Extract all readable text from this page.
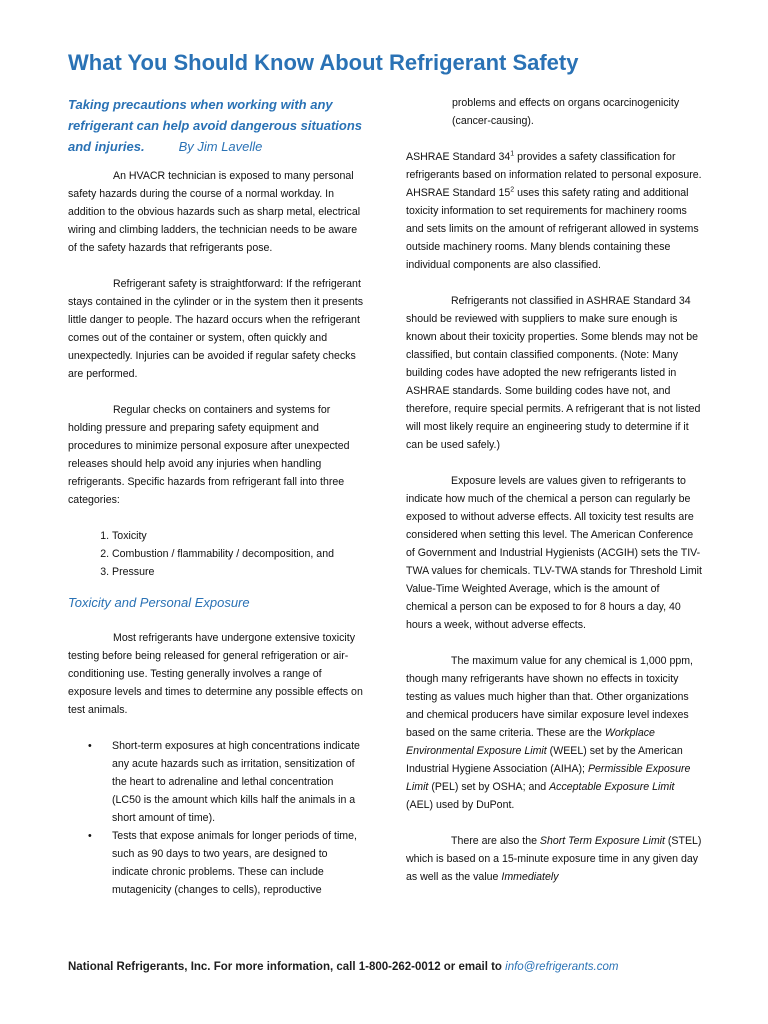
What You Should Know About Refrigerant Safety

Taking precautions when working with any refrigerant can help avoid dangerous situations and injuries.	By Jim Lavelle

An HVACR technician is exposed to many personal safety hazards during the course of a normal workday. In addition to the obvious hazards such as sharp metal, electrical wiring and climbing ladders, the technician needs to be aware of the safety hazards that refrigerants pose.

Refrigerant safety is straightforward: If the refrigerant stays contained in the cylinder or in the system then it presents little danger to people. The hazard occurs when the refrigerant comes out of the container or system, often quickly and unexpectedly. Injuries can be avoided if regular safety checks are performed.

Regular checks on containers and systems for holding pressure and preparing safety equipment and procedures to minimize personal exposure after unexpected releases should help avoid any injuries when handling refrigerants. Specific hazards from refrigerant fall into three categories:

1. Toxicity
2. Combustion / flammability / decomposition, and
3. Pressure
Toxicity and Personal Exposure

Most refrigerants have undergone extensive toxicity testing before being released for general refrigeration or air-conditioning use. Testing generally involves a range of exposure levels and times to determine any possible effects on test animals.

• Short-term exposures at high concentrations indicate any acute hazards such as irritation, sensitization of the heart to adrenaline and lethal concentration (LC50 is the amount which kills half the animals in a short amount of time).
• Tests that expose animals for longer periods of time, such as 90 days to two years, are designed to indicate chronic problems. These can include mutagenicity (changes to cells), reproductive

problems and effects on organs ocarcinogenicity (cancer-causing).

ASHRAE Standard $34^1$ provides a safety classification for refrigerants based on information related to personal exposure. AHSRAE Standard $15^2$ uses this safety rating and additional toxicity information to set requirements for machinery rooms and sets limits on the amount of refrigerant allowed in systems outside machinery rooms. Many blends containing these individual components are also classified.

Refrigerants not classified in ASHRAE Standard 34 should be reviewed with suppliers to make sure enough is known about their toxicity properties. Some blends may not be classified, but contain classified components. (Note: Many building codes have adopted the new refrigerants listed in ASHRAE standards. Some building codes have not, and therefore, require special permits. A refrigerant that is not listed will most likely require an engineering study to determine if it can be used safely.)

Exposure levels are values given to refrigerants to indicate how much of the chemical a person can regularly be exposed to without adverse effects. All toxicity test results are considered when setting this level. The American Conference of Government and Industrial Hygienists (ACGIH) sets the TIV-TWA values for chemicals. TLV-TWA stands for Threshold Limit Value-Time Weighted Average, which is the amount of chemical a person can be exposed to for 8 hours a day, 40 hours a week, without adverse effects.

The maximum value for any chemical is 1,000 ppm, though many refrigerants have shown no effects in toxicity testing as values much higher than that. Other organizations and chemical producers have similar exposure level indexes based on the same criteria. These are the Workplace Environmental Exposure Limit (WEEL) set by the American Industrial Hygiene Association (AIHA); Permissible Exposure Limit (PEL) set by OSHA; and Acceptable Exposure Limit (AEL) used by DuPont.

There are also the Short Term Exposure Limit (STEL) which is based on a 15-minute exposure time in any given day as well as the value Immediately

National Refrigerants, Inc. For more information, call 1-800-262-0012 or email to info@refrigerants.com
